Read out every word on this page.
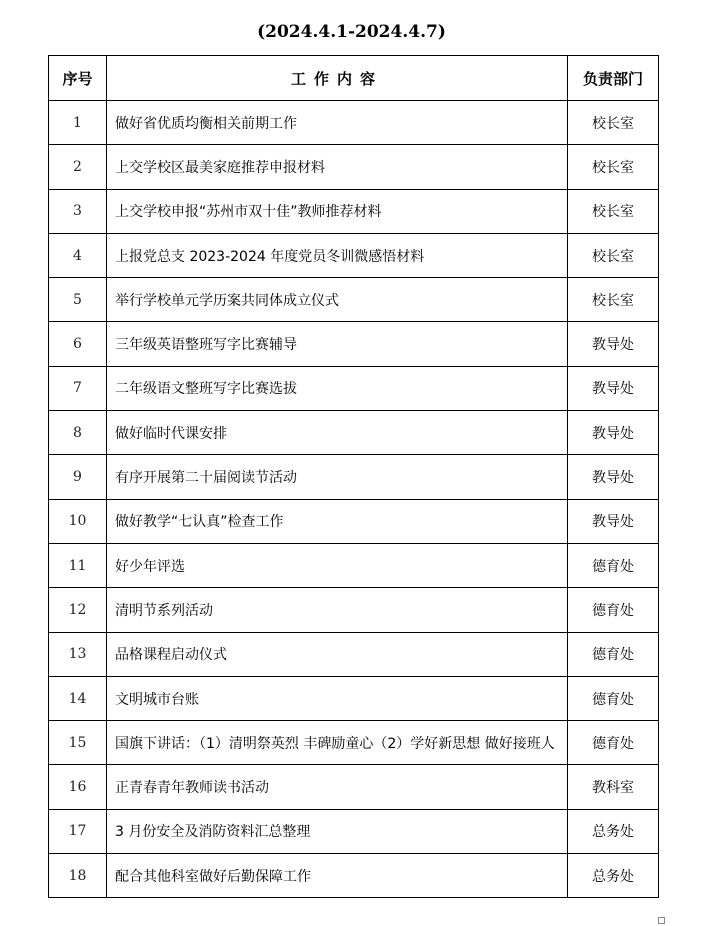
(2024.4.1-2024.4.7)
序号	工作内容	负责部门
1	做好省优质均衡相关前期工作	校长室
2	上交学校区最美家庭推荐申报材料	校长室
3	上交学校申报“苏州市双十佳”教师推荐材料	校长室
4	上报党总支 2023-2024 年度党员冬训微感悟材料	校长室
5	举行学校单元学历案共同体成立仪式	校长室
6	三年级英语整班写字比赛辅导	教导处
7	二年级语文整班写字比赛选拔	教导处
8	做好临时代课安排	教导处
9	有序开展第二十届阅读节活动	教导处
10	做好教学“七认真”检查工作	教导处
11	好少年评选	德育处
12	清明节系列活动	德育处
13	品格课程启动仪式	德育处
14	文明城市台账	德育处
15	国旗下讲话：（1）清明祭英烈 丰碑励童心（2）学好新思想 做好接班人	德育处
16	正青春青年教师读书活动	教科室
17	3 月份安全及消防资料汇总整理	总务处
18	配合其他科室做好后勤保障工作	总务处
